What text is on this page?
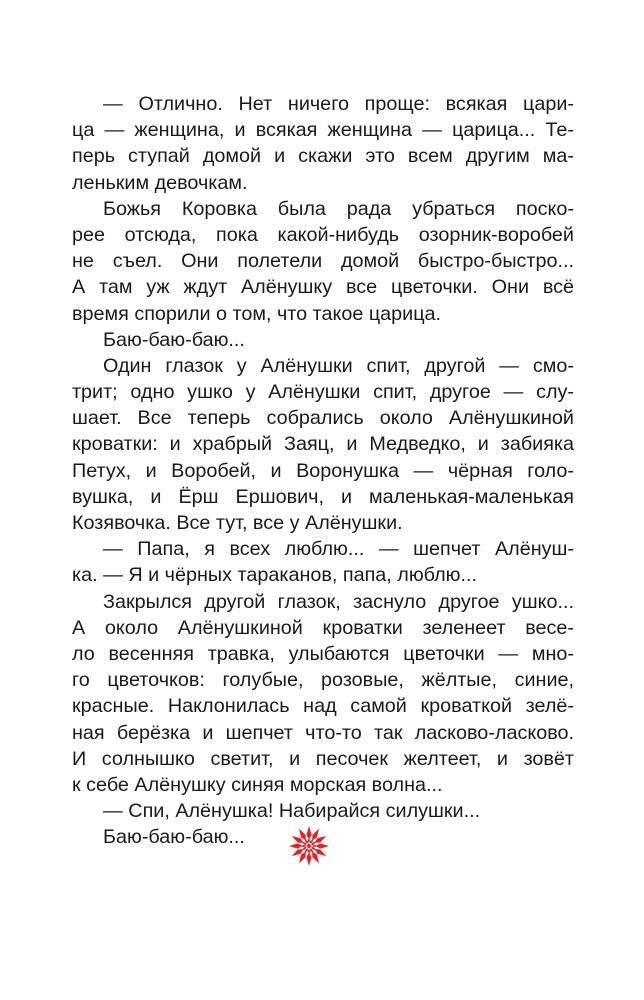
— Отлично. Нет ничего проще: всякая цари-
ца — женщина, и всякая женщина — царица... Те-
перь ступай домой и скажи это всем другим ма-
леньким девочкам.
Божья Коровка была рада убраться поско-
рее отсюда, пока какой-нибудь озорник-воробей
не съел. Они полетели домой быстро-быстро...
А там уж ждут Алёнушку все цветочки. Они всё
время спорили о том, что такое царица.
Баю-баю-баю...
Один глазок у Алёнушки спит, другой — смо-
трит; одно ушко у Алёнушки спит, другое — слу-
шает. Все теперь собрались около Алёнушкиной
кроватки: и храбрый Заяц, и Медведко, и забияка
Петух, и Воробей, и Воронушка — чёрная голо-
вушка, и Ёрш Ершович, и маленькая-маленькая
Козявочка. Все тут, все у Алёнушки.
— Папа, я всех люблю... — шепчет Алёнуш-
ка. — Я и чёрных тараканов, папа, люблю...
Закрылся другой глазок, заснуло другое ушко...
А около Алёнушкиной кроватки зеленеет весе-
ло весенняя травка, улыбаются цветочки — мно-
го цветочков: голубые, розовые, жёлтые, синие,
красные. Наклонилась над самой кроваткой зелё-
ная берёзка и шепчет что-то так ласково-ласково.
И солнышко светит, и песочек желтеет, и зовёт
к себе Алёнушку синяя морская волна...
— Спи, Алёнушка! Набирайся силушки...
Баю-баю-баю...
